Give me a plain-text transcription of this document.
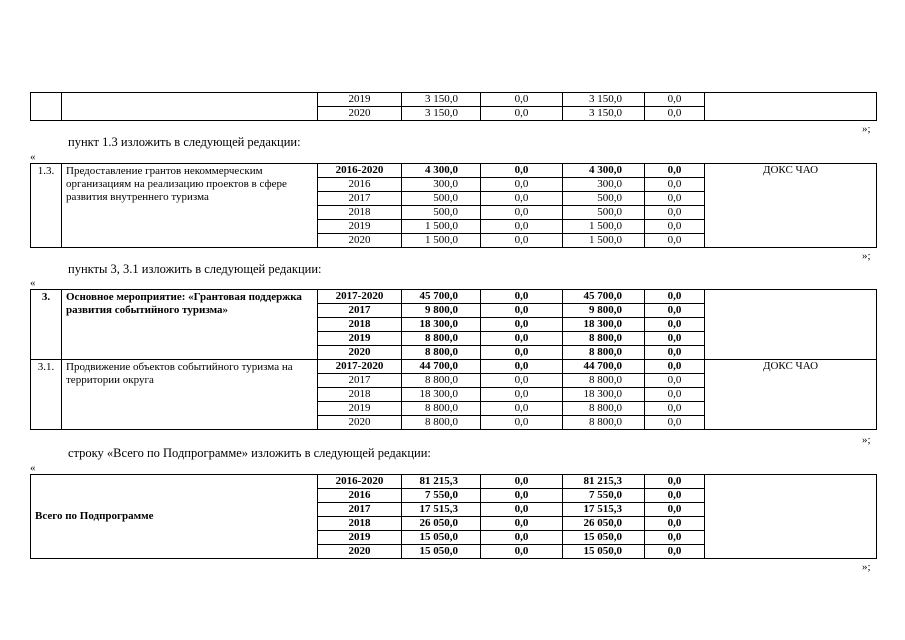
		2019	3 150,0	0,0	3 150,0	0,0	
		2020	3 150,0	0,0	3 150,0	0,0	
»;
пункт 1.3 изложить в следующей редакции:
«
1.3.	Предоставление грантов некоммерческим организациям на реализацию проектов в сфере развития внутреннего туризма	2016-2020	4 300,0	0,0	4 300,0	0,0	ДОКС ЧАО
		2016	300,0	0,0	300,0	0,0	
		2017	500,0	0,0	500,0	0,0	
		2018	500,0	0,0	500,0	0,0	
		2019	1 500,0	0,0	1 500,0	0,0	
		2020	1 500,0	0,0	1 500,0	0,0	
»;
пункты 3, 3.1 изложить в следующей редакции:
«
3.	Основное мероприятие: «Грантовая поддержка развития событийного туризма»	2017-2020	45 700,0	0,0	45 700,0	0,0	
		2017	9 800,0	0,0	9 800,0	0,0	
		2018	18 300,0	0,0	18 300,0	0,0	
		2019	8 800,0	0,0	8 800,0	0,0	
		2020	8 800,0	0,0	8 800,0	0,0	
3.1.	Продвижение объектов событийного туризма на территории округа	2017-2020	44 700,0	0,0	44 700,0	0,0	ДОКС ЧАО
		2017	8 800,0	0,0	8 800,0	0,0	
		2018	18 300,0	0,0	18 300,0	0,0	
		2019	8 800,0	0,0	8 800,0	0,0	
		2020	8 800,0	0,0	8 800,0	0,0	
»;
строку «Всего по Подпрограмме» изложить в следующей редакции:
«
Всего по Подпрограмме	2016-2020	81 215,3	0,0	81 215,3	0,0	
	2016	7 550,0	0,0	7 550,0	0,0	
	2017	17 515,3	0,0	17 515,3	0,0	
	2018	26 050,0	0,0	26 050,0	0,0	
	2019	15 050,0	0,0	15 050,0	0,0	
	2020	15 050,0	0,0	15 050,0	0,0	
»;
